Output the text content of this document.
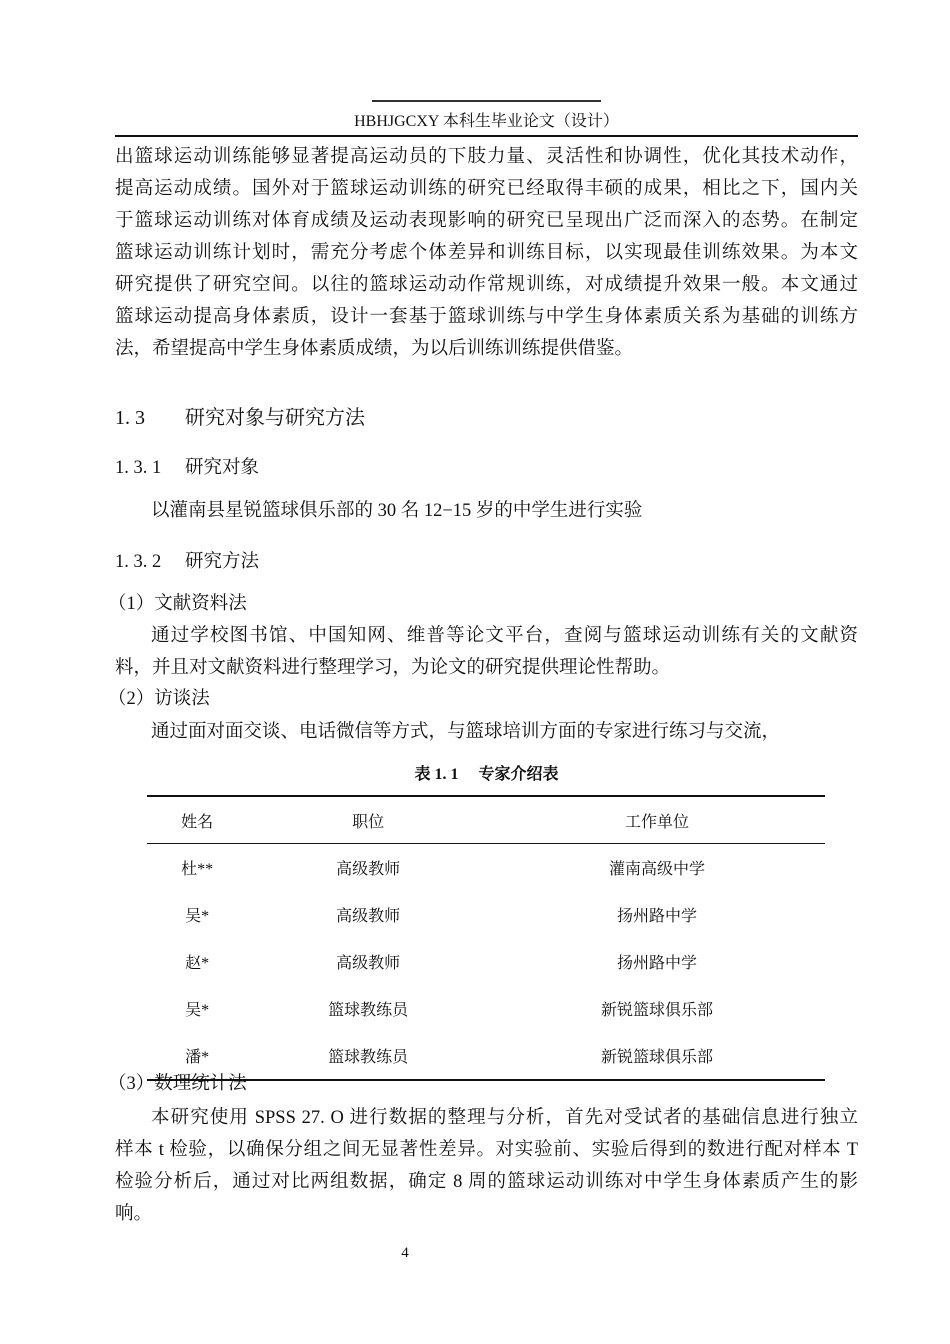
HBHJGCXY 本科生毕业论文（设计）
出篮球运动训练能够显著提高运动员的下肢力量、灵活性和协调性，优化其技术动作，
提高运动成绩。国外对于篮球运动训练的研究已经取得丰硕的成果，相比之下，国内关
于篮球运动训练对体育成绩及运动表现影响的研究已呈现出广泛而深入的态势。在制定
篮球运动训练计划时，需充分考虑个体差异和训练目标，以实现最佳训练效果。为本文
研究提供了研究空间。以往的篮球运动动作常规训练，对成绩提升效果一般。本文通过
篮球运动提高身体素质，设计一套基于篮球训练与中学生身体素质关系为基础的训练方
法，希望提高中学生身体素质成绩，为以后训练训练提供借鉴。
1. 3 研究对象与研究方法
1. 3. 1 研究对象
以灌南县星锐篮球俱乐部的 30 名 12−15 岁的中学生进行实验
1. 3. 2 研究方法
（1）文献资料法
通过学校图书馆、中国知网、维普等论文平台，查阅与篮球运动训练有关的文献资
料，并且对文献资料进行整理学习，为论文的研究提供理论性帮助。
（2）访谈法
通过面对面交谈、电话微信等方式，与篮球培训方面的专家进行练习与交流，
表 1. 1　 专家介绍表
姓名	职位	工作单位
杜**	高级教师	灌南高级中学
吴*	高级教师	扬州路中学
赵*	高级教师	扬州路中学
吴*	篮球教练员	新锐篮球俱乐部
潘*	篮球教练员	新锐篮球俱乐部
（3）数理统计法
本研究使用 SPSS 27. O 进行数据的整理与分析，首先对受试者的基础信息进行独立
样本 t 检验，以确保分组之间无显著性差异。对实验前、实验后得到的数进行配对样本 T
检验分析后，通过对比两组数据，确定 8 周的篮球运动训练对中学生身体素质产生的影
响。
4
